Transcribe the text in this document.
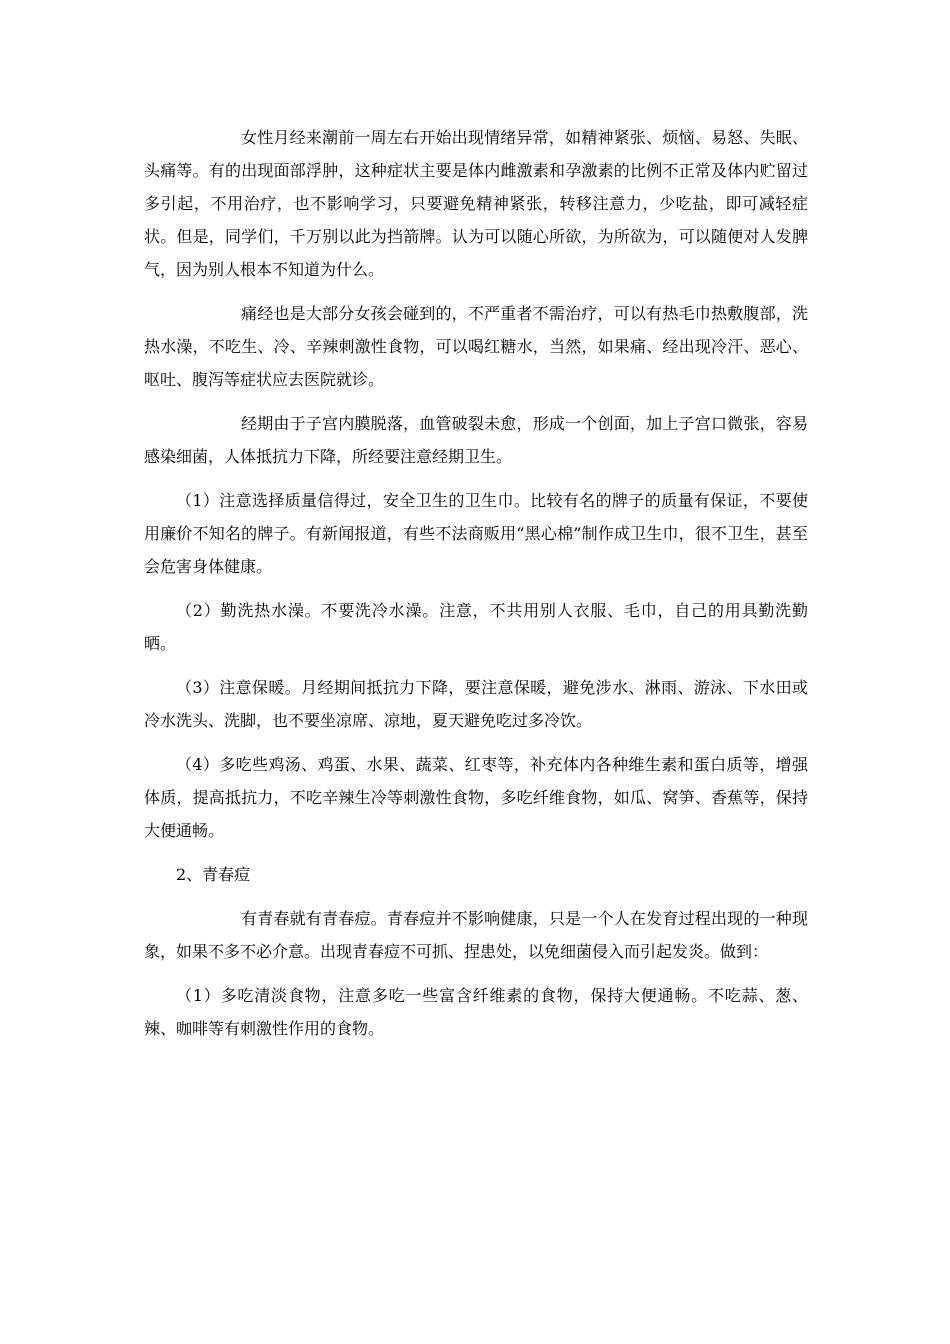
女性月经来潮前一周左右开始出现情绪异常，如精神紧张、烦恼、易怒、失眠、头痛等。有的出现面部浮肿，这种症状主要是体内雌激素和孕激素的比例不正常及体内贮留过多引起，不用治疗，也不影响学习，只要避免精神紧张，转移注意力，少吃盐，即可减轻症状。但是，同学们，千万别以此为挡箭牌。认为可以随心所欲，为所欲为，可以随便对人发脾气，因为别人根本不知道为什么。

痛经也是大部分女孩会碰到的，不严重者不需治疗，可以有热毛巾热敷腹部，洗热水澡，不吃生、冷、辛辣刺激性食物，可以喝红糖水，当然，如果痛、经出现冷汗、恶心、呕吐、腹泻等症状应去医院就诊。

经期由于子宫内膜脱落，血管破裂未愈，形成一个创面，加上子宫口微张，容易感染细菌，人体抵抗力下降，所经要注意经期卫生。

（1）注意选择质量信得过，安全卫生的卫生巾。比较有名的牌子的质量有保证，不要使用廉价不知名的牌子。有新闻报道，有些不法商贩用“黑心棉”制作成卫生巾，很不卫生，甚至会危害身体健康。

（2）勤洗热水澡。不要洗冷水澡。注意，不共用别人衣服、毛巾，自己的用具勤洗勤晒。

（3）注意保暖。月经期间抵抗力下降，要注意保暖，避免涉水、淋雨、游泳、下水田或冷水洗头、洗脚，也不要坐凉席、凉地，夏天避免吃过多冷饮。

（4）多吃些鸡汤、鸡蛋、水果、蔬菜、红枣等，补充体内各种维生素和蛋白质等，增强体质，提高抵抗力，不吃辛辣生冷等刺激性食物，多吃纤维食物，如瓜、窝笋、香蕉等，保持大便通畅。

2、青春痘

有青春就有青春痘。青春痘并不影响健康，只是一个人在发育过程出现的一种现象，如果不多不必介意。出现青春痘不可抓、捏患处，以免细菌侵入而引起发炎。做到：

（1）多吃清淡食物，注意多吃一些富含纤维素的食物，保持大便通畅。不吃蒜、葱、辣、咖啡等有刺激性作用的食物。
